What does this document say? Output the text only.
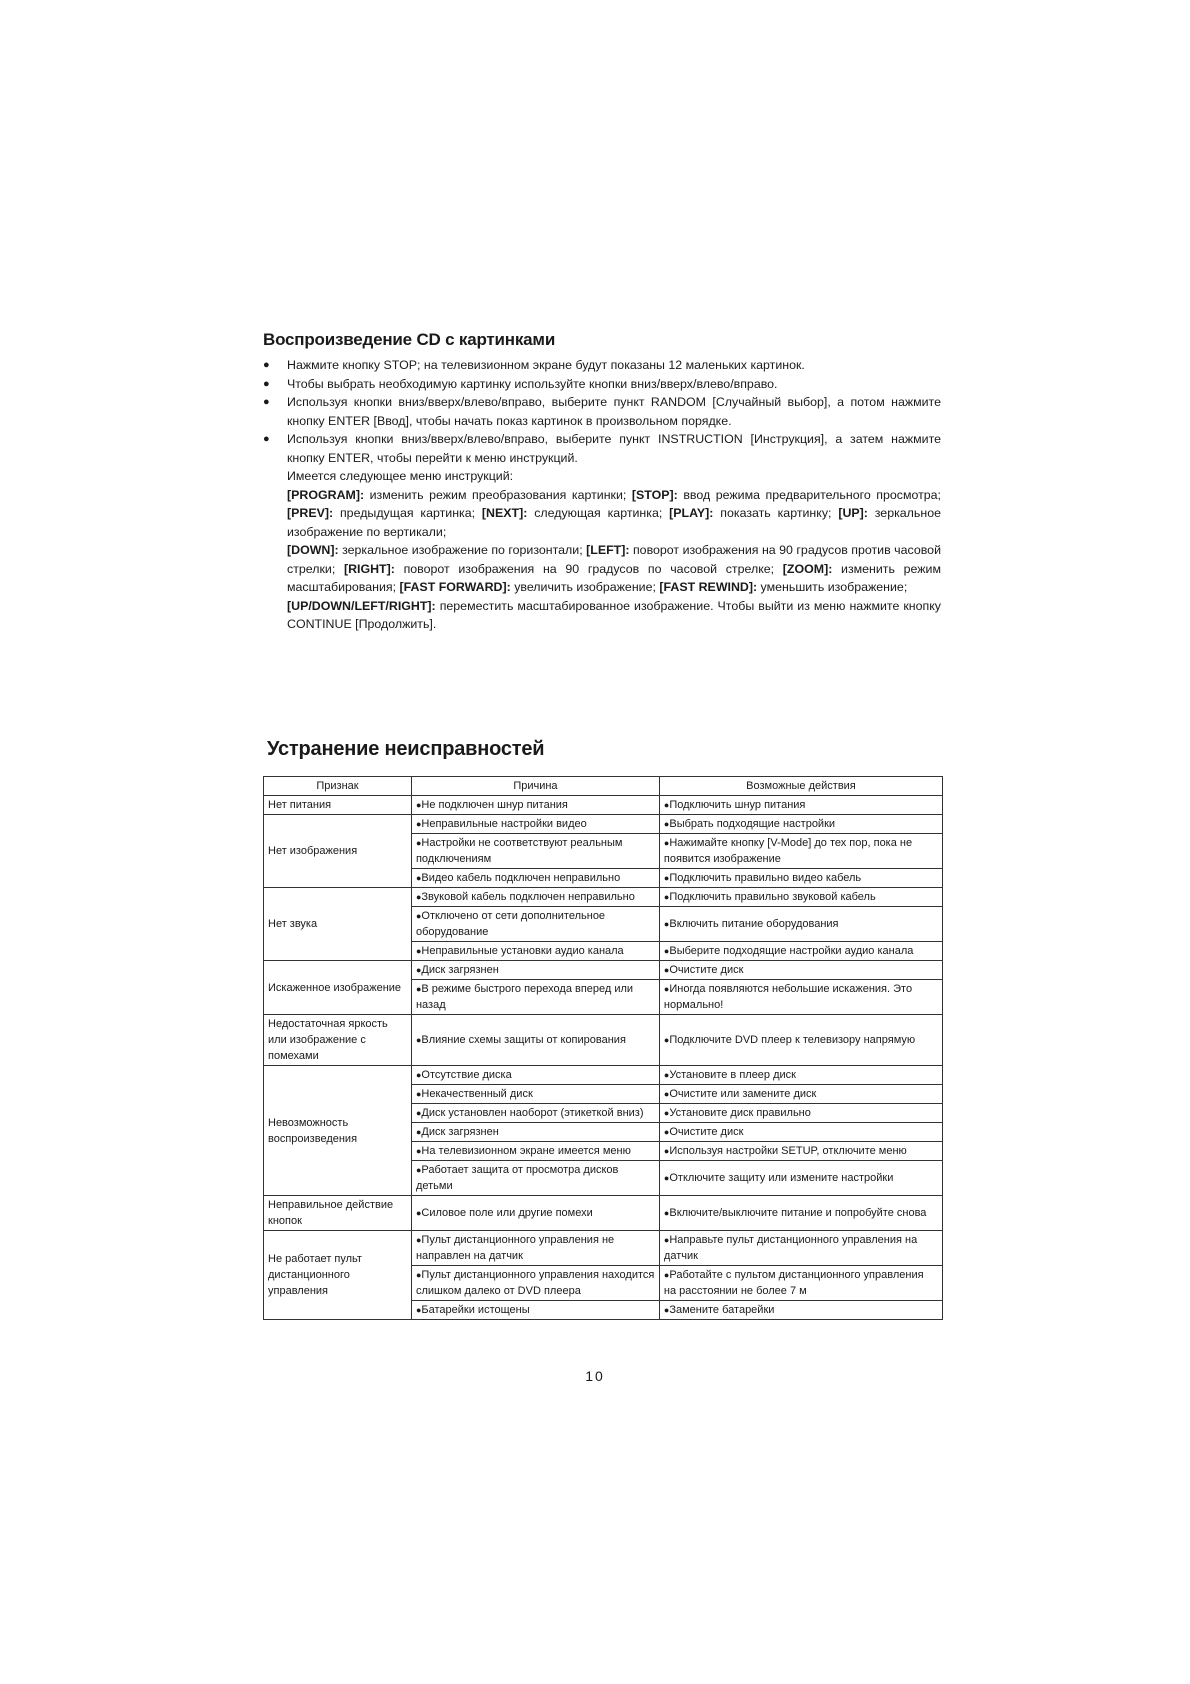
Воспроизведение CD с картинками
● Нажмите кнопку STOP; на телевизионном экране будут показаны 12 маленьких картинок.
● Чтобы выбрать необходимую картинку используйте кнопки вниз/вверх/влево/вправо.
● Используя кнопки вниз/вверх/влево/вправо, выберите пункт RANDOM [Случайный выбор], а потом нажмите кнопку ENTER [Ввод], чтобы начать показ картинок в произвольном порядке.
● Используя кнопки вниз/вверх/влево/вправо, выберите пункт INSTRUCTION [Инструкция], а затем нажмите кнопку ENTER, чтобы перейти к меню инструкций.

Имеется следующее меню инструкций:

[PROGRAM]: изменить режим преобразования картинки; [STOP]: ввод режима предварительного просмотра; [PREV]: предыдущая картинка; [NEXT]: следующая картинка; [PLAY]: показать картинку; [UP]: зеркальное изображение по вертикали;

[DOWN]: зеркальное изображение по горизонтали; [LEFT]: поворот изображения на 90 градусов против часовой стрелки; [RIGHT]: поворот изображения на 90 градусов по часовой стрелке; [ZOOM]: изменить режим масштабирования; [FAST FORWARD]: увеличить изображение; [FAST REWIND]: уменьшить изображение;

[UP/DOWN/LEFT/RIGHT]: переместить масштабированное изображение. Чтобы выйти из меню нажмите кнопку CONTINUE [Продолжить].

Устранение неисправностей
Признак	Причина	Возможные действия
Нет питания	● Не подключен шнур питания	● Подключить шнур питания
Нет изображения	● Неправильные настройки видео	● Выбрать подходящие настройки
	● Настройки не соответствуют реальным подключениям	● Нажимайте кнопку [V-Mode] до тех пор, пока не появится изображение
	● Видео кабель подключен неправильно	● Подключить правильно видео кабель
Нет звука	● Звуковой кабель подключен неправильно	● Подключить правильно звуковой кабель
	● Отключено от сети дополнительное оборудование	● Включить питание оборудования
	● Неправильные установки аудио канала	● Выберите подходящие настройки аудио канала
Искаженное изображение	● Диск загрязнен	● Очистите диск
	● В режиме быстрого перехода вперед или назад	● Иногда появляются небольшие искажения. Это нормально!
Недостаточная яркость или изображение с помехами	● Влияние схемы защиты от копирования	● Подключите DVD плеер к телевизору напрямую
Невозможность воспроизведения	● Отсутствие диска	● Установите в плеер диск
	● Некачественный диск	● Очистите или замените диск
	● Диск установлен наоборот (этикеткой вниз)	● Установите диск правильно
	● Диск загрязнен	● Очистите диск
	● На телевизионном экране имеется меню	● Используя настройки SETUP, отключите меню
	● Работает защита от просмотра дисков детьми	● Отключите защиту или измените настройки
Неправильное действие кнопок	● Силовое поле или другие помехи	● Включите/выключите питание и попробуйте снова
Не работает пульт дистанционного управления	● Пульт дистанционного управления не направлен на датчик	● Направьте пульт дистанционного управления на датчик
	● Пульт дистанционного управления находится слишком далеко от DVD плеера	● Работайте с пультом дистанционного управления на расстоянии не более 7 м
	● Батарейки истощены	● Замените батарейки
10
